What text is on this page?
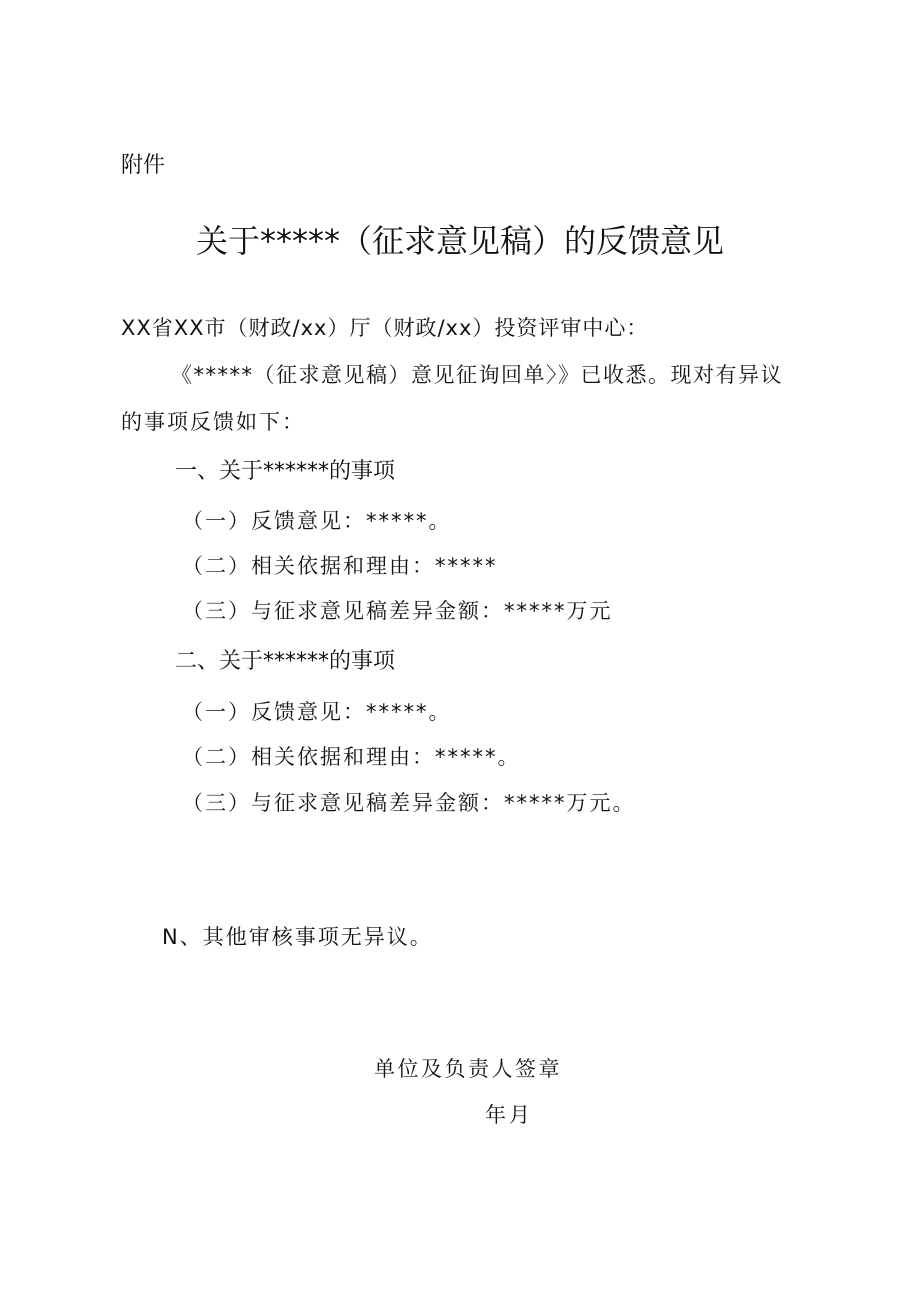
附件
关于*****（征求意见稿）的反馈意见
XX省XX市（财政/xx）厅（财政/xx）投资评审中心：
《*****（征求意见稿）意见征询回单〉》已收悉。现对有异议
的事项反馈如下：
一、关于******的事项
（一）反馈意见：*****。
（二）相关依据和理由：*****
（三）与征求意见稿差异金额：*****万元
二、关于******的事项
（一）反馈意见：*****。
（二）相关依据和理由：*****。
（三）与征求意见稿差异金额：*****万元。
N、其他审核事项无异议。
单位及负责人签章
年月
